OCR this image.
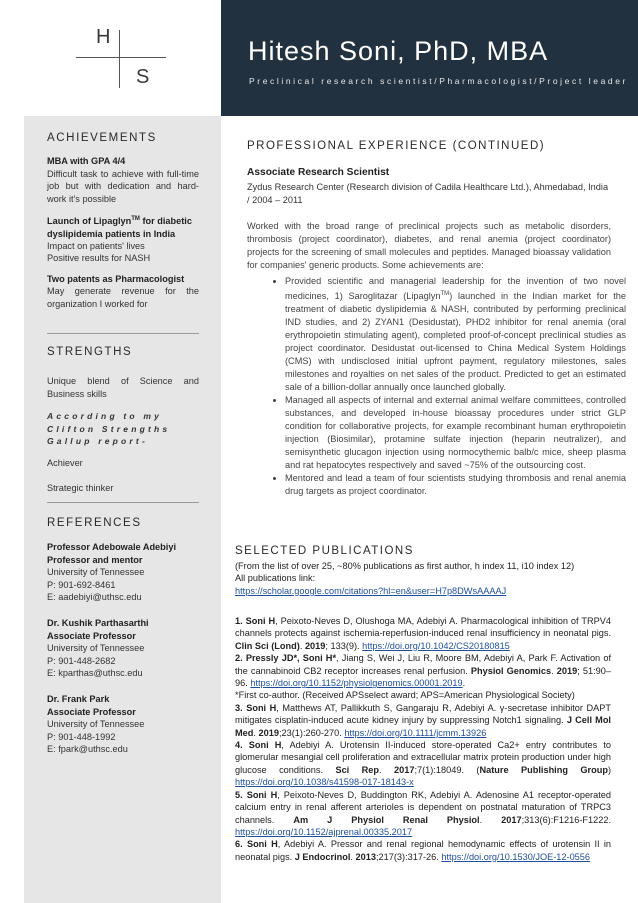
H
S
Hitesh Soni, PhD, MBA
Preclinical research scientist/Pharmacologist/Project leader
ACHIEVEMENTS
MBA with GPA 4/4
Difficult task to achieve with full-time job but with dedication and hard-work it's possible
Launch of Lipaglyn™ for diabetic dyslipidemia patients in India
Impact on patients' lives
Positive results for NASH
Two patents as Pharmacologist
May generate revenue for the organization I worked for
STRENGTHS
Unique blend of Science and Business skills
According to my Clifton Strengths Gallup report-
Achiever
Strategic thinker
REFERENCES
Professor Adebowale Adebiyi
Professor and mentor
University of Tennessee
P: 901-692-8461
E: aadebiyi@uthsc.edu
Dr. Kushik Parthasarthi
Associate Professor
University of Tennessee
P: 901-448-2682
E: kparthas@uthsc.edu
Dr. Frank Park
Associate Professor
University of Tennessee
P: 901-448-1992
E: fpark@uthsc.edu
PROFESSIONAL EXPERIENCE (CONTINUED)
Associate Research Scientist
Zydus Research Center (Research division of Cadila Healthcare Ltd.), Ahmedabad, India / 2004 – 2011
Worked with the broad range of preclinical projects such as metabolic disorders, thrombosis (project coordinator), diabetes, and renal anemia (project coordinator) projects for the screening of small molecules and peptides. Managed bioassay validation for companies' generic products. Some achievements are:
• Provided scientific and managerial leadership for the invention of two novel medicines, 1) Saroglitazar (Lipaglyn™) launched in the Indian market for the treatment of diabetic dyslipidemia & NASH, contributed by performing preclinical IND studies, and 2) ZYAN1 (Desidustat), PHD2 inhibitor for renal anemia (oral erythropoietin stimulating agent), completed proof-of-concept preclinical studies as project coordinator. Desidustat out-licensed to China Medical System Holdings (CMS) with undisclosed initial upfront payment, regulatory milestones, sales milestones and royalties on net sales of the product. Predicted to get an estimated sale of a billion-dollar annually once launched globally.
• Managed all aspects of internal and external animal welfare committees, controlled substances, and developed in-house bioassay procedures under strict GLP condition for collaborative projects, for example recombinant human erythropoietin injection (Biosimilar), protamine sulfate injection (heparin neutralizer), and semisynthetic glucagon injection using normocythemic balb/c mice, sheep plasma and rat hepatocytes respectively and saved ~75% of the outsourcing cost.
• Mentored and lead a team of four scientists studying thrombosis and renal anemia drug targets as project coordinator.
SELECTED PUBLICATIONS
(From the list of over 25, ~80% publications as first author, h index 11, i10 index 12)
All publications link:
https://scholar.google.com/citations?hl=en&user=H7p8DWsAAAAJ
1. Soni H, Peixoto-Neves D, Olushoga MA, Adebiyi A. Pharmacological inhibition of TRPV4 channels protects against ischemia-reperfusion-induced renal insufficiency in neonatal pigs. Clin Sci (Lond). 2019; 133(9). https://doi.org/10.1042/CS20180815
2. Pressly JD*, Soni H*, Jiang S, Wei J, Liu R, Moore BM, Adebiyi A, Park F. Activation of the cannabinoid CB2 receptor increases renal perfusion. Physiol Genomics. 2019; 51:90–96. https://doi.org/10.1152/physiolgenomics.00001.2019.
*First co-author. (Received APSselect award; APS=American Physiological Society)
3. Soni H, Matthews AT, Pallikkuth S, Gangaraju R, Adebiyi A. γ-secretase inhibitor DAPT mitigates cisplatin-induced acute kidney injury by suppressing Notch1 signaling. J Cell Mol Med. 2019;23(1):260-270. https://doi.org/10.1111/jcmm.13926
4. Soni H, Adebiyi A. Urotensin II-induced store-operated Ca2+ entry contributes to glomerular mesangial cell proliferation and extracellular matrix protein production under high glucose conditions. Sci Rep. 2017;7(1):18049. (Nature Publishing Group) https://doi.org/10.1038/s41598-017-18143-x
5. Soni H, Peixoto-Neves D, Buddington RK, Adebiyi A. Adenosine A1 receptor-operated calcium entry in renal afferent arterioles is dependent on postnatal maturation of TRPC3 channels. Am J Physiol Renal Physiol. 2017;313(6):F1216-F1222. https://doi.org/10.1152/ajprenal.00335.2017
6. Soni H, Adebiyi A. Pressor and renal regional hemodynamic effects of urotensin II in neonatal pigs. J Endocrinol. 2013;217(3):317-26. https://doi.org/10.1530/JOE-12-0556
